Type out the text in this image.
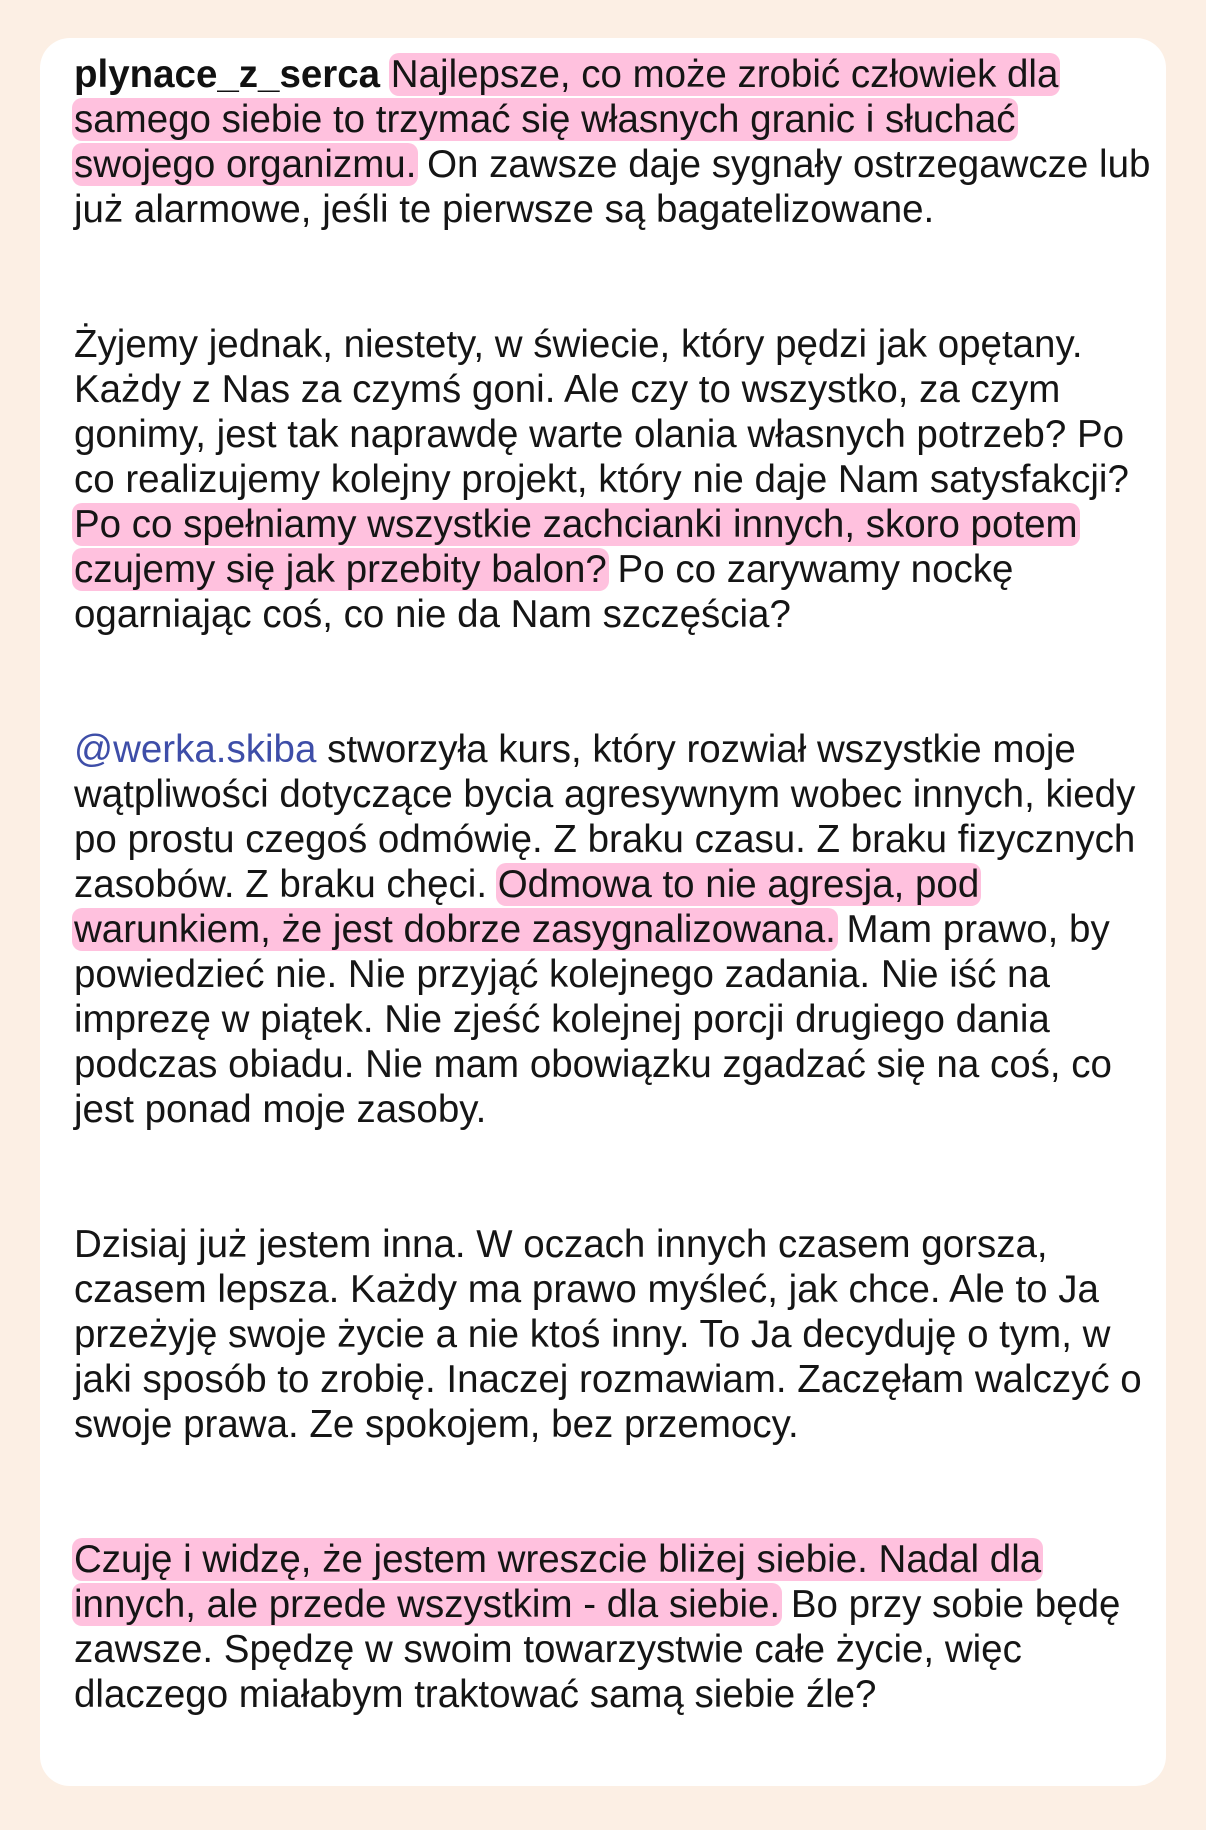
plynace_z_serca Najlepsze, co może zrobić człowiek dla samego siebie to trzymać się własnych granic i słuchać swojego organizmu. On zawsze daje sygnały ostrzegawcze lub już alarmowe, jeśli te pierwsze są bagatelizowane.

Żyjemy jednak, niestety, w świecie, który pędzi jak opętany. Każdy z Nas za czymś goni. Ale czy to wszystko, za czym gonimy, jest tak naprawdę warte olania własnych potrzeb? Po co realizujemy kolejny projekt, który nie daje Nam satysfakcji? Po co spełniamy wszystkie zachcianki innych, skoro potem czujemy się jak przebity balon? Po co zarywamy nockę ogarniając coś, co nie da Nam szczęścia?

@werka.skiba stworzyła kurs, który rozwiał wszystkie moje wątpliwości dotyczące bycia agresywnym wobec innych, kiedy po prostu czegoś odmówię. Z braku czasu. Z braku fizycznych zasobów. Z braku chęci. Odmowa to nie agresja, pod warunkiem, że jest dobrze zasygnalizowana. Mam prawo, by powiedzieć nie. Nie przyjąć kolejnego zadania. Nie iść na imprezę w piątek. Nie zjeść kolejnej porcji drugiego dania podczas obiadu. Nie mam obowiązku zgadzać się na coś, co jest ponad moje zasoby.

Dzisiaj już jestem inna. W oczach innych czasem gorsza, czasem lepsza. Każdy ma prawo myśleć, jak chce. Ale to Ja przeżyję swoje życie a nie ktoś inny. To Ja decyduję o tym, w jaki sposób to zrobię. Inaczej rozmawiam. Zaczęłam walczyć o swoje prawa. Ze spokojem, bez przemocy.

Czuję i widzę, że jestem wreszcie bliżej siebie. Nadal dla innych, ale przede wszystkim - dla siebie. Bo przy sobie będę zawsze. Spędzę w swoim towarzystwie całe życie, więc dlaczego miałabym traktować samą siebie źle?
